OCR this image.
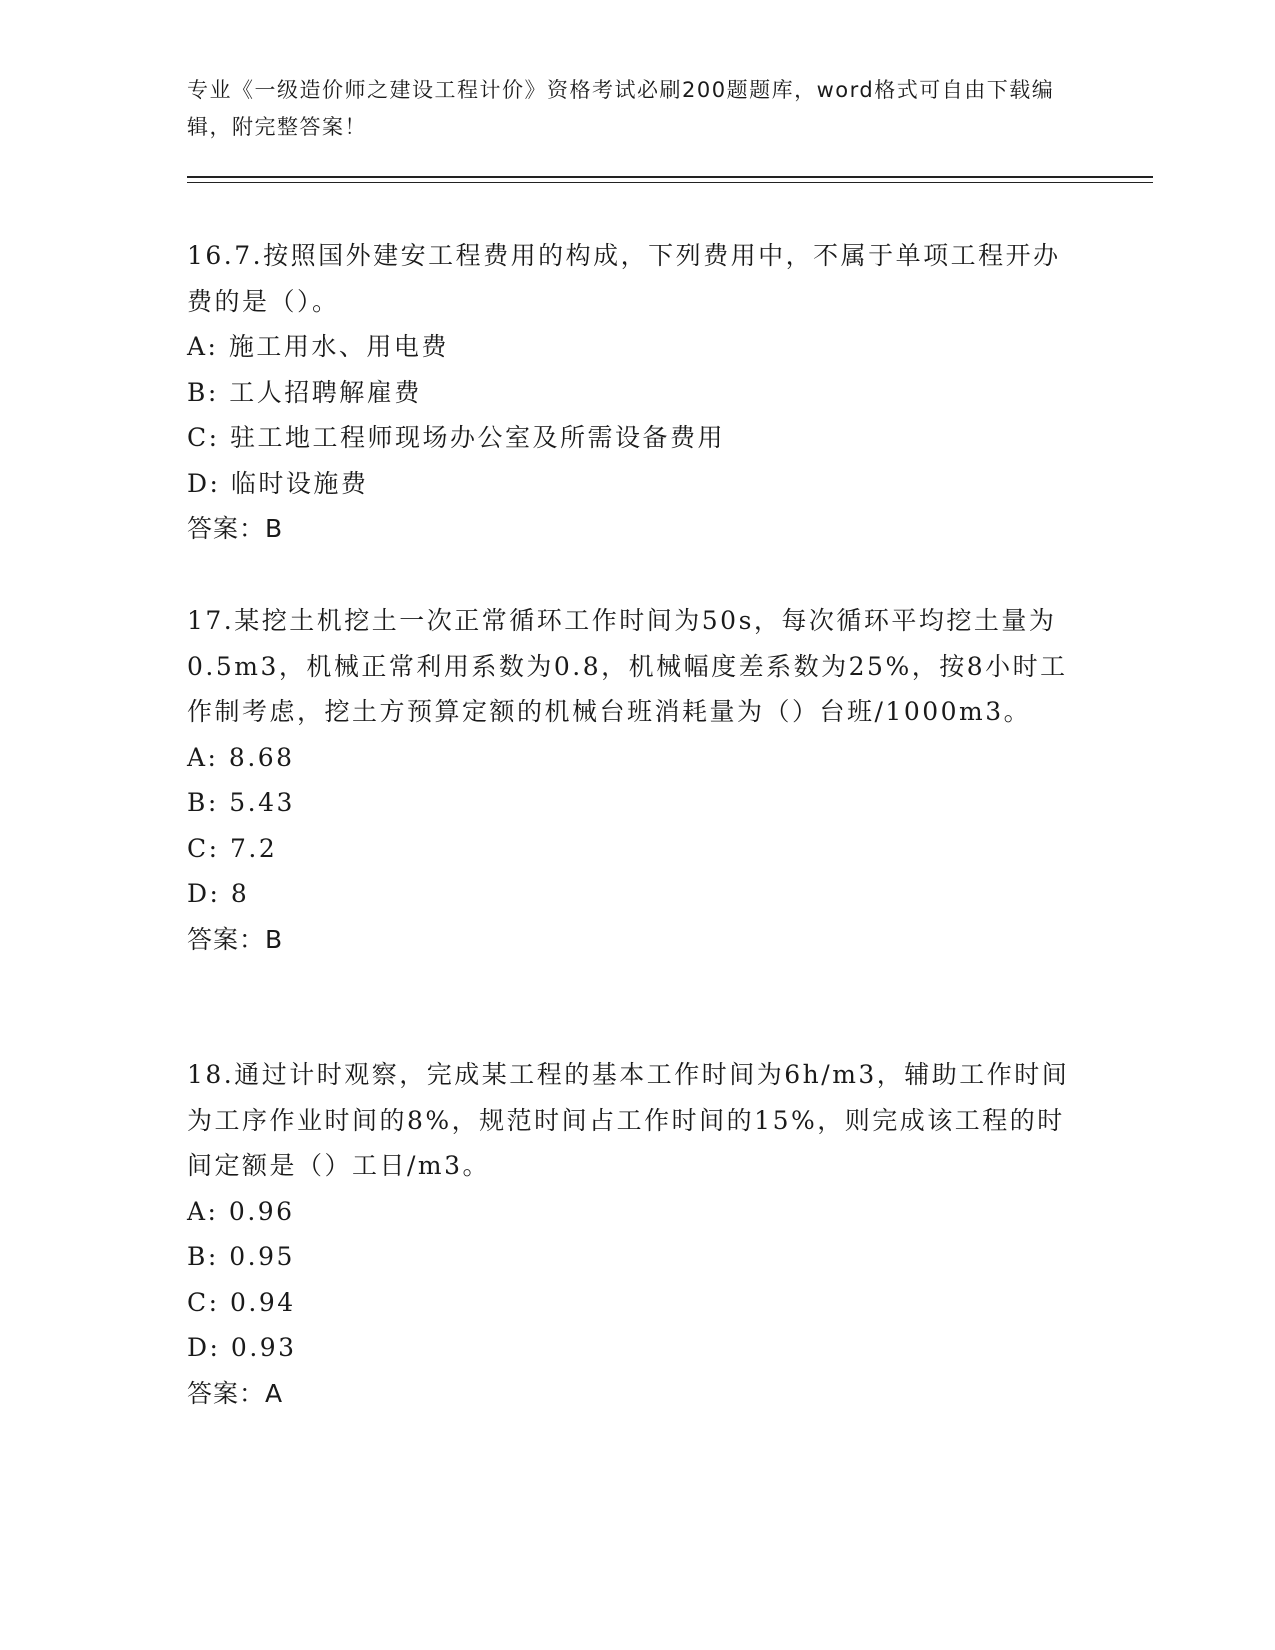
专业《一级造价师之建设工程计价》资格考试必刷200题题库，word格式可自由下载编辑，附完整答案！
16.7.按照国外建安工程费用的构成，下列费用中，不属于单项工程开办费的是（）。
A: 施工用水、用电费
B: 工人招聘解雇费
C: 驻工地工程师现场办公室及所需设备费用
D: 临时设施费
答案：B
17.某挖土机挖土一次正常循环工作时间为50s，每次循环平均挖土量为0.5m3，机械正常利用系数为0.8，机械幅度差系数为25%，按8小时工作制考虑，挖土方预算定额的机械台班消耗量为（）台班/1000m3。
A: 8.68
B: 5.43
C: 7.2
D: 8
答案：B
18.通过计时观察，完成某工程的基本工作时间为6h/m3，辅助工作时间为工序作业时间的8%，规范时间占工作时间的15%，则完成该工程的时间定额是（）工日/m3。
A: 0.96
B: 0.95
C: 0.94
D: 0.93
答案：A
